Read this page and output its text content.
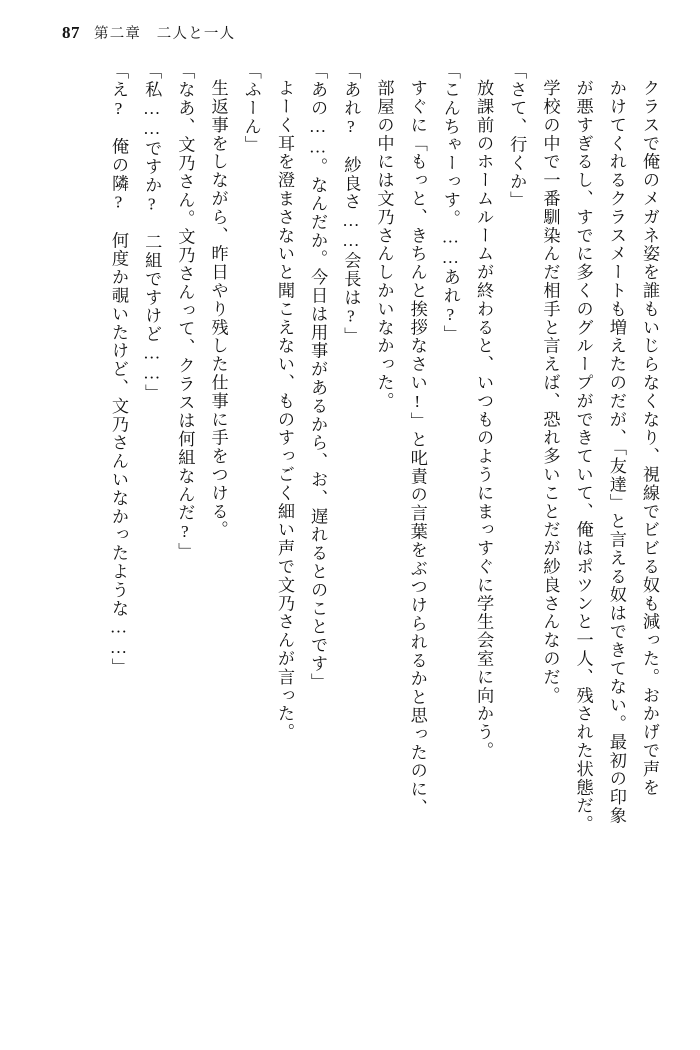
87 第二章　二人と一人

クラスで俺のメガネ姿を誰もいじらなくなり、視線でビビる奴も減った。おかげで声を

かけてくれるクラスメートも増えたのだが、「友達」と言える奴はできてない。最初の印象

が悪すぎるし、すでに多くのグループができていて、俺はポツンと一人、残された状態だ。

学校の中で一番馴染んだ相手と言えば、恐れ多いことだが紗良さんなのだ。

「さて、行くか」

放課前のホームルームが終わると、いつものようにまっすぐに学生会室に向かう。

「こんちゃーっす。……あれ?」

すぐに「もっと、きちんと挨拶なさい!」と叱責の言葉をぶつけられるかと思ったのに、

部屋の中には文乃さんしかいなかった。

「あれ?　紗良さ……会長は?」

「あの……。なんだか。今日は用事があるから、お、遅れるとのことです」

よーく耳を澄まさないと聞こえない、ものすっごく細い声で文乃さんが言った。

「ふーん」

生返事をしながら、昨日やり残した仕事に手をつける。

「なあ、文乃さん。文乃さんって、クラスは何組なんだ?」

「私……ですか?　二組ですけど……」

「え?　俺の隣?　何度か覗いたけど、文乃さんいなかったような……」
